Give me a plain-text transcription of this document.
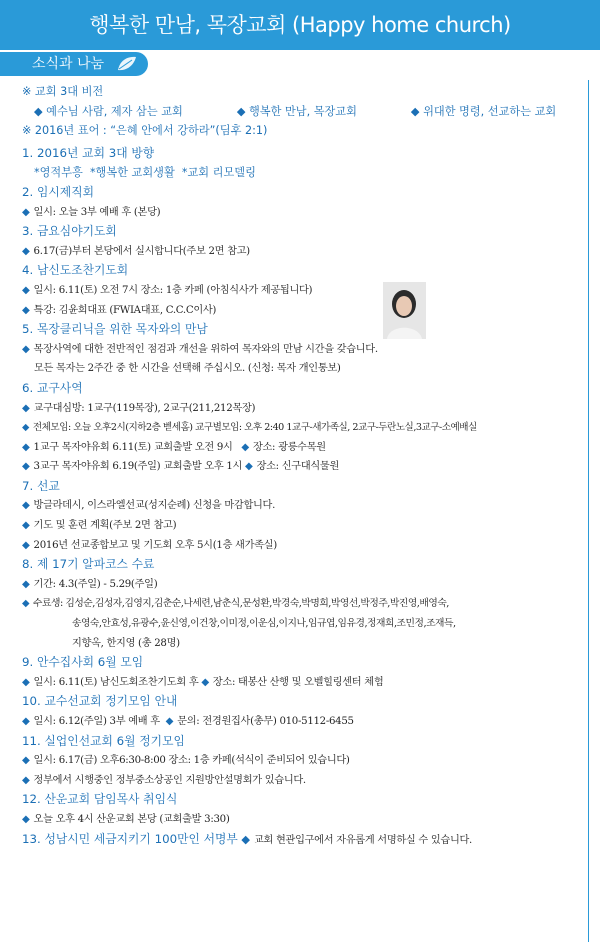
행복한 만남, 목장교회 (Happy home church)
소식과 나눔
※ 교회 3대 비전
◆ 예수님 사람, 제자 삼는 교회	◆ 행복한 만남, 목장교회	◆ 위대한 명령, 선교하는 교회
※ 2016년 표어 : “은혜 안에서 강하라”(딤후 2:1)
1. 2016년 교회 3대 방향
*영적부흥 *행복한 교회생활 *교회 리모델링
2. 임시제직회
◆ 일시: 오늘 3부 예배 후 (본당)
3. 금요심야기도회
◆ 6.17(금)부터 본당에서 실시합니다(주보 2면 참고)
4. 남신도조찬기도회
◆ 일시: 6.11(토) 오전 7시 장소: 1층 카페 (아침식사가 제공됩니다)
◆ 특강: 김윤희대표 (FWIA대표, C.C.C이사)
5. 목장클리닉을 위한 목자와의 만남
◆ 목장사역에 대한 전반적인 점검과 개선을 위하여 목자와의 만남 시간을 갖습니다.
모든 목자는 2주간 중 한 시간을 선택해 주십시오. (신청: 목자 개인통보)
6. 교구사역
◆ 교구대심방: 1교구(119목장), 2교구(211,212목장)
◆ 전체모임: 오늘 오후2시(지하2층 벧세홈) 교구별모임: 오후 2:40 1교구-새가족실, 2교구-두란노실,3교구-소예배실
◆ 1교구 목자야유회 6.11(토) 교회출발 오전 9시 ◆ 장소: 광릉수목원
◆ 3교구 목자야유회 6.19(주일) 교회출발 오후 1시 ◆ 장소: 신구대식물원
7. 선교
◆ 방글라데시, 이스라엘선교(성지순례) 신청을 마감합니다.
◆ 기도 및 훈련 계획(주보 2면 참고)
◆ 2016년 선교종합보고 및 기도회 오후 5시(1층 새가족실)
8. 제 17기 알파코스 수료
◆ 기간: 4.3(주일) - 5.29(주일)
◆ 수료생: 김성순,김성자,김영지,김춘순,나세련,남춘식,문성환,박경숙,박명희,박영선,박정주,박진영,배영숙,
송영숙,안효성,유광수,윤신영,이건창,이미정,이운심,이지나,임규엽,임유경,정재희,조민정,조재득,
지향옥, 한지영 (총 28명)
9. 안수집사회 6월 모임
◆ 일시: 6.11(토) 남신도회조찬기도회 후 ◆ 장소: 태봉산 산행 및 오벨힐링센터 체험
10. 교수선교회 정기모임 안내
◆ 일시: 6.12(주일) 3부 예배 후 ◆ 문의: 전경원집사(총무) 010-5112-6455
11. 실업인선교회 6월 정기모임
◆ 일시: 6.17(금) 오후6:30-8:00 장소: 1층 카페(석식이 준비되어 있습니다)
◆ 정부에서 시행중인 정부중소상공인 지원방안설명회가 있습니다.
12. 산운교회 담임목사 취임식
◆ 오늘 오후 4시 산운교회 본당 (교회출발 3:30)
13. 성남시민 세금지키기 100만인 서명부 ◆ 교회 현관입구에서 자유롭게 서명하실 수 있습니다.
